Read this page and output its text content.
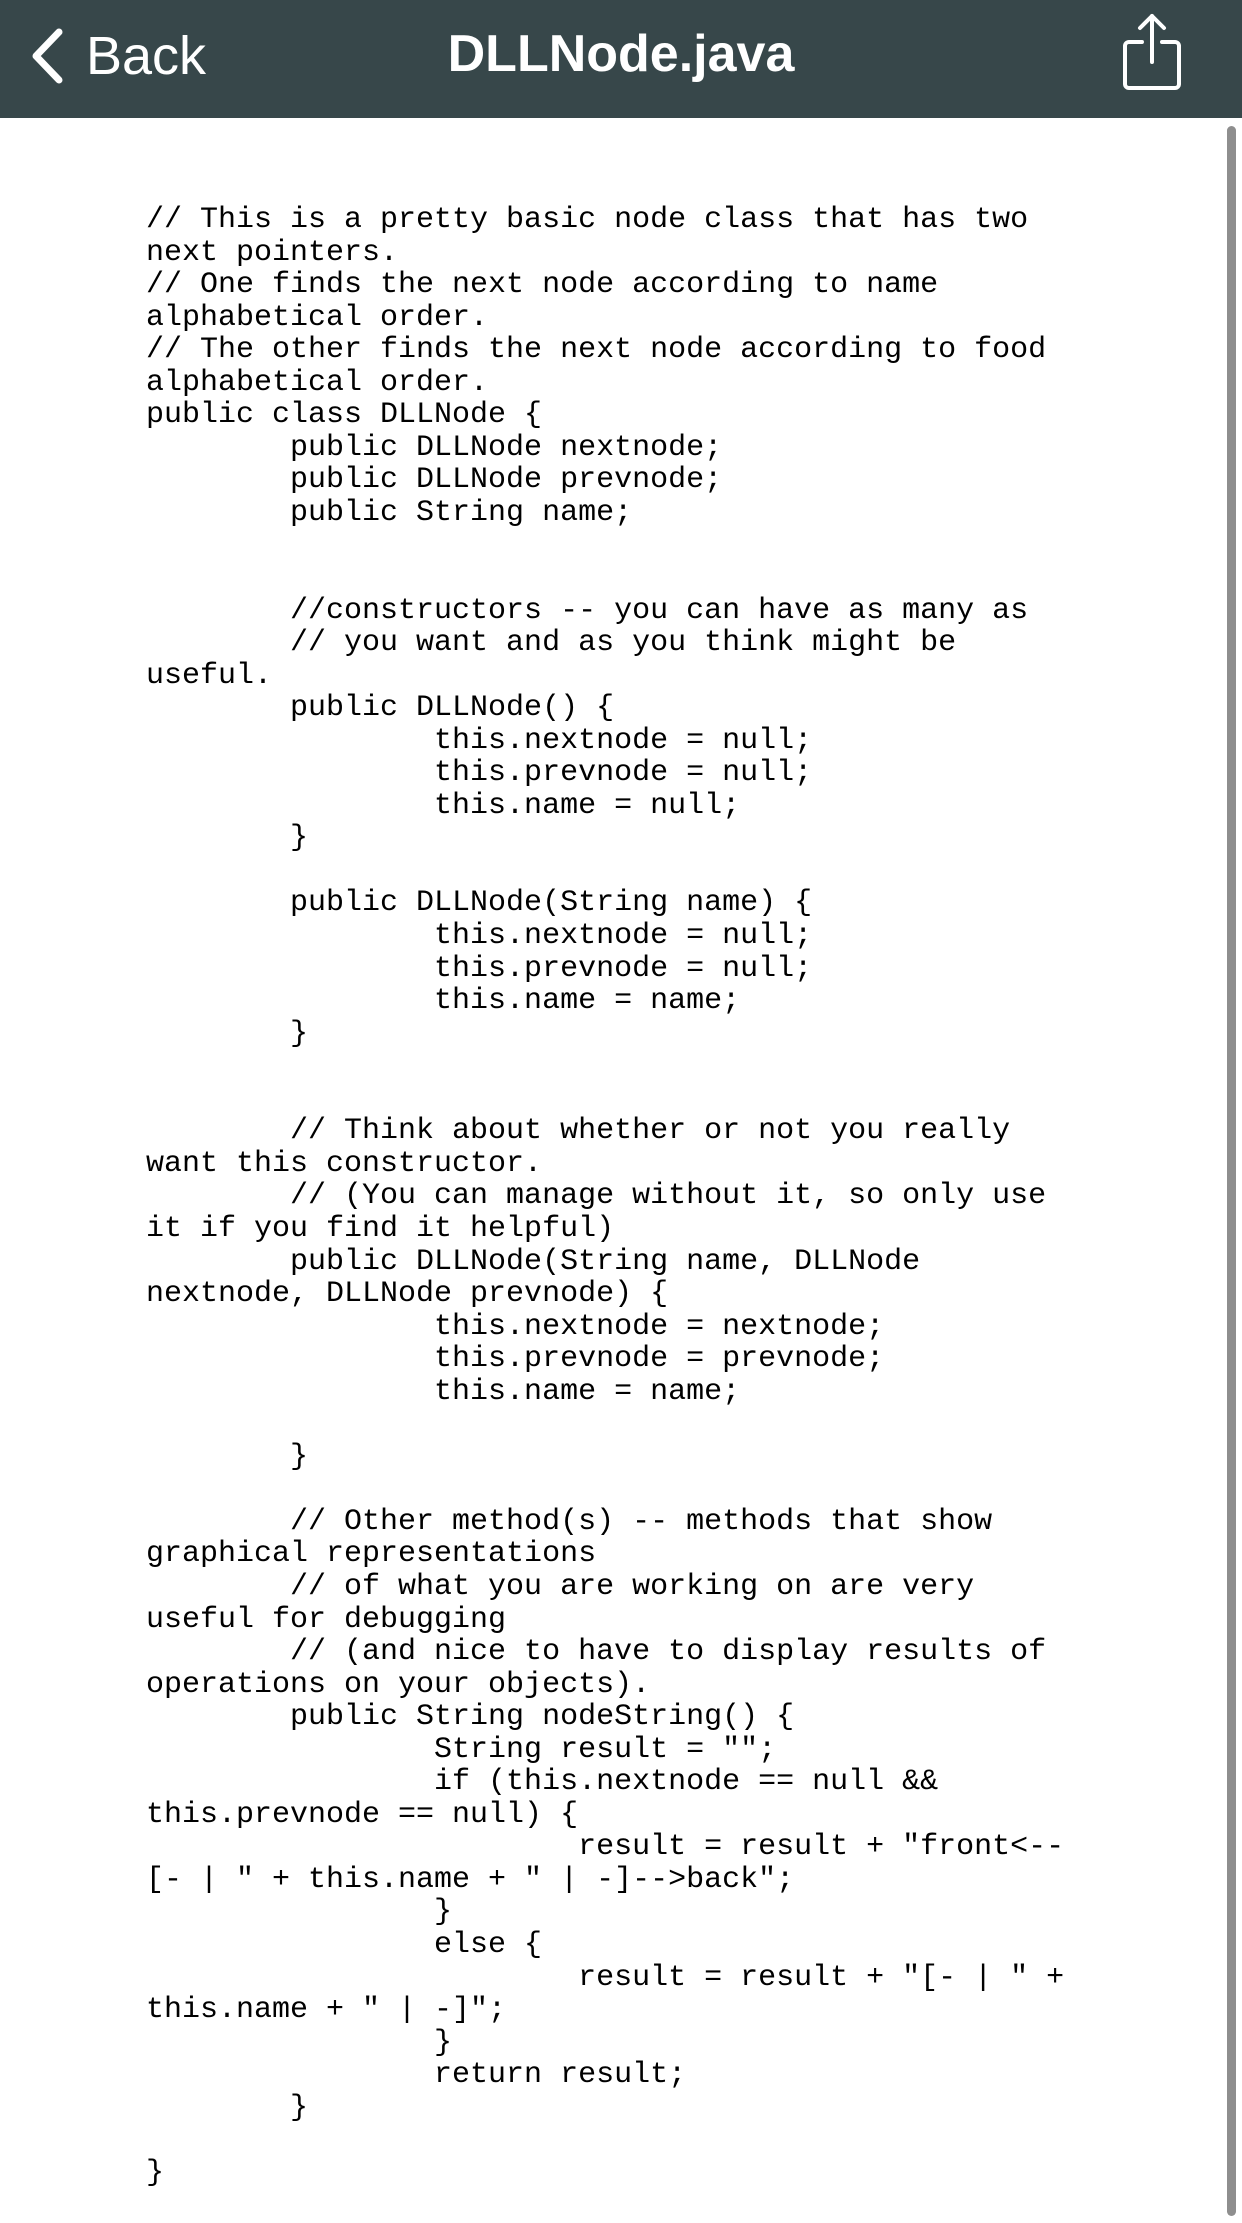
Back	DLLNode.java
// This is a pretty basic node class that has two
next pointers.
// One finds the next node according to name
alphabetical order.
// The other finds the next node according to food
alphabetical order.
public class DLLNode {
public DLLNode nextnode;
public DLLNode prevnode;
public String name;

//constructors -- you can have as many as
// you want and as you think might be
useful.
public DLLNode() {
this.nextnode = null;
this.prevnode = null;
this.name = null;
}

public DLLNode(String name) {
this.nextnode = null;
this.prevnode = null;
this.name = name;
}

// Think about whether or not you really
want this constructor.
// (You can manage without it, so only use
it if you find it helpful)
public DLLNode(String name, DLLNode
nextnode, DLLNode prevnode) {
this.nextnode = nextnode;
this.prevnode = prevnode;
this.name = name;

}

// Other method(s) -- methods that show
graphical representations
// of what you are working on are very
useful for debugging
// (and nice to have to display results of
operations on your objects).
public String nodeString() {
String result = "";
if (this.nextnode == null &&
this.prevnode == null) {
result = result + "front<--
[- | " + this.name + " | -]-->back";
}
else {
result = result + "[- | " +
this.name + " | -]";
}
return result;
}

}
